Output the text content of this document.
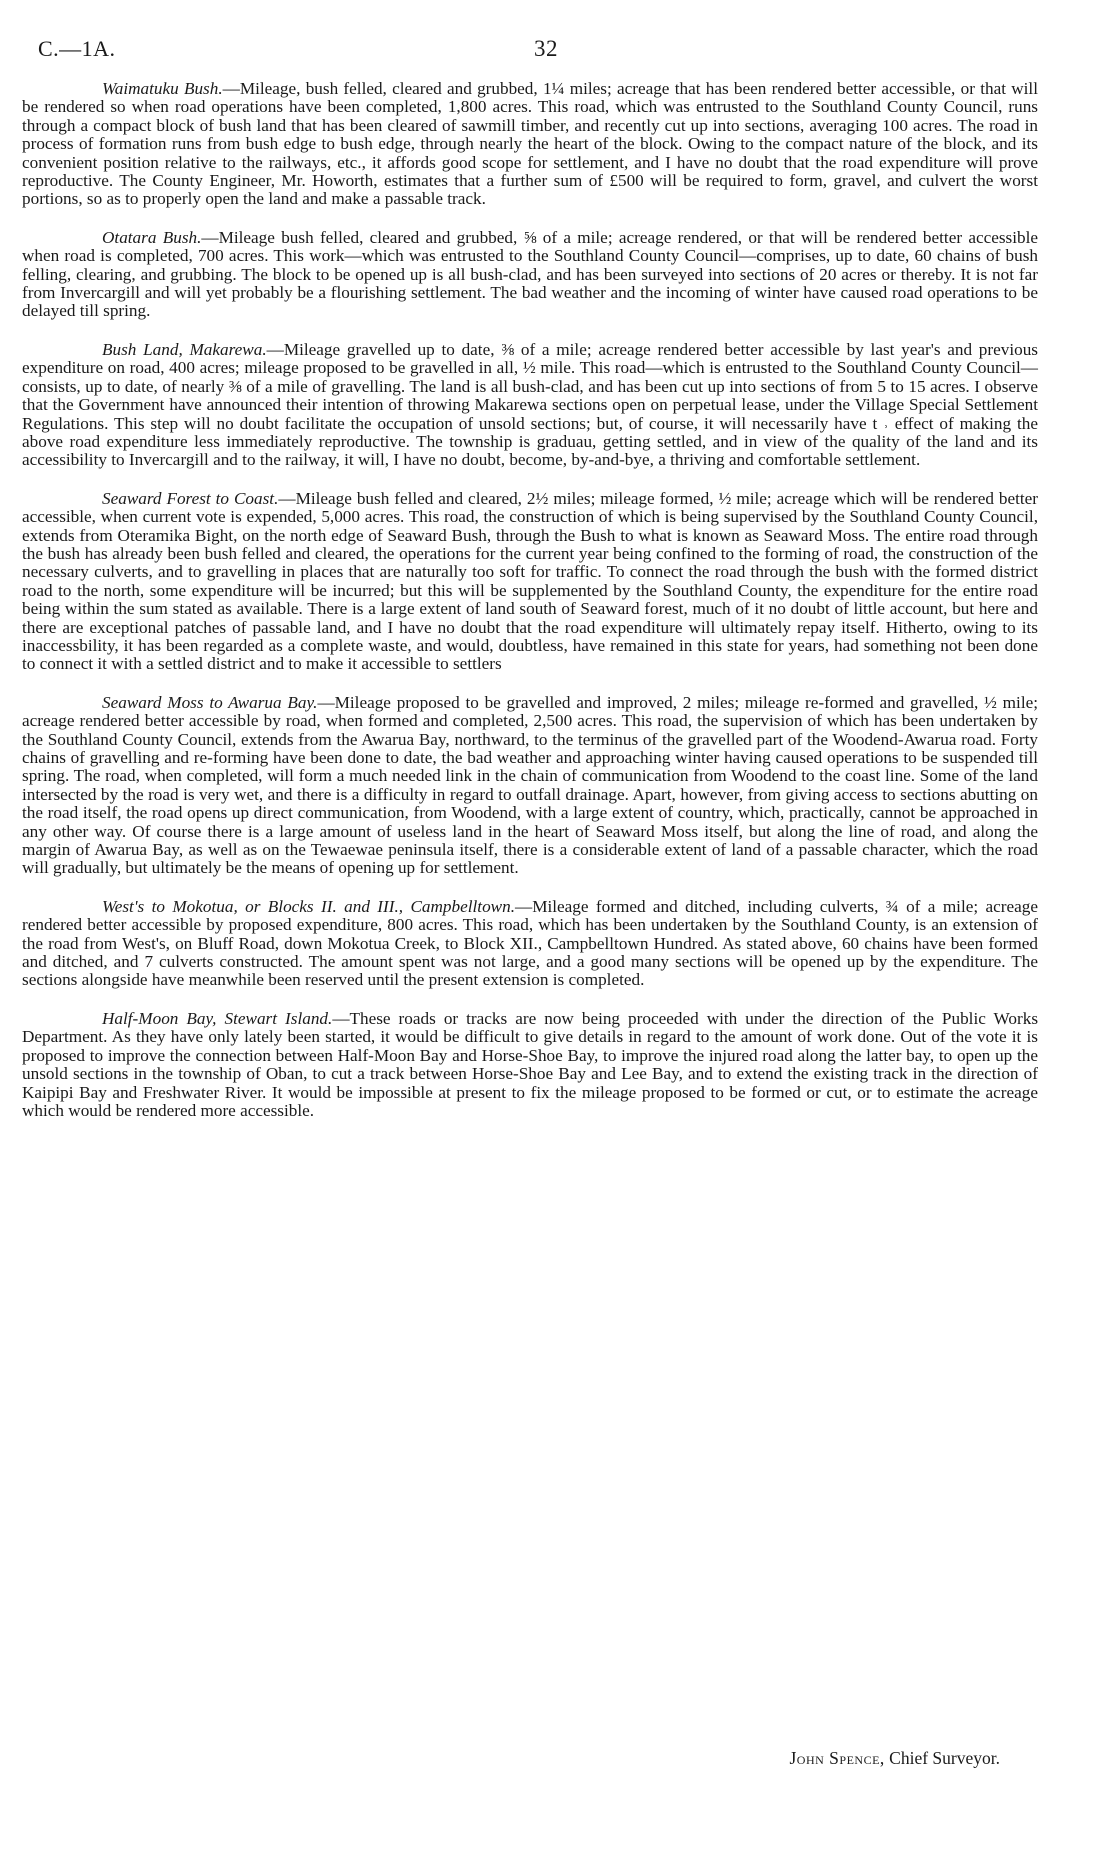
C.—1A.	32

Waimatuku Bush.—Mileage, bush felled, cleared and grubbed, 1¼ miles; acreage that has been rendered better accessible, or that will be rendered so when road operations have been completed, 1,800 acres. This road, which was entrusted to the Southland County Council, runs through a compact block of bush land that has been cleared of sawmill timber, and recently cut up into sections, averaging 100 acres. The road in process of formation runs from bush edge to bush edge, through nearly the heart of the block. Owing to the compact nature of the block, and its convenient position relative to the railways, etc., it affords good scope for settlement, and I have no doubt that the road expenditure will prove reproductive. The County Engineer, Mr. Howorth, estimates that a further sum of £500 will be required to form, gravel, and culvert the worst portions, so as to properly open the land and make a passable track.

Otatara Bush.—Mileage bush felled, cleared and grubbed, ⅝ of a mile; acreage rendered, or that will be rendered better accessible when road is completed, 700 acres. This work—which was entrusted to the Southland County Council—comprises, up to date, 60 chains of bush felling, clearing, and grubbing. The block to be opened up is all bush-clad, and has been surveyed into sections of 20 acres or thereby. It is not far from Invercargill and will yet probably be a flourishing settlement. The bad weather and the incoming of winter have caused road operations to be delayed till spring.

Bush Land, Makarewa.—Mileage gravelled up to date, ⅜ of a mile; acreage rendered better accessible by last year's and previous expenditure on road, 400 acres; mileage proposed to be gravelled in all, ½ mile. This road—which is entrusted to the Southland County Council—consists, up to date, of nearly ⅜ of a mile of gravelling. The land is all bush-clad, and has been cut up into sections of from 5 to 15 acres. I observe that the Government have announced their intention of throwing Makarewa sections open on perpetual lease, under the Village Special Settlement Regulations. This step will no doubt facilitate the occupation of unsold sections; but, of course, it will necessarily have t ˒ effect of making the above road expenditure less immediately reproductive. The township is graduau, getting settled, and in view of the quality of the land and its accessibility to Invercargill and to the railway, it will, I have no doubt, become, by-and-bye, a thriving and comfortable settlement.

Seaward Forest to Coast.—Mileage bush felled and cleared, 2½ miles; mileage formed, ½ mile; acreage which will be rendered better accessible, when current vote is expended, 5,000 acres. This road, the construction of which is being supervised by the Southland County Council, extends from Oteramika Bight, on the north edge of Seaward Bush, through the Bush to what is known as Seaward Moss. The entire road through the bush has already been bush felled and cleared, the operations for the current year being confined to the forming of road, the construction of the necessary culverts, and to gravelling in places that are naturally too soft for traffic. To connect the road through the bush with the formed district road to the north, some expenditure will be incurred; but this will be supplemented by the Southland County, the expenditure for the entire road being within the sum stated as available. There is a large extent of land south of Seaward forest, much of it no doubt of little account, but here and there are exceptional patches of passable land, and I have no doubt that the road expenditure will ultimately repay itself. Hitherto, owing to its inaccessbility, it has been regarded as a complete waste, and would, doubtless, have remained in this state for years, had something not been done to connect it with a settled district and to make it accessible to settlers

Seaward Moss to Awarua Bay.—Mileage proposed to be gravelled and improved, 2 miles; mileage re-formed and gravelled, ½ mile; acreage rendered better accessible by road, when formed and completed, 2,500 acres. This road, the supervision of which has been undertaken by the Southland County Council, extends from the Awarua Bay, northward, to the terminus of the gravelled part of the Woodend-Awarua road. Forty chains of gravelling and re-forming have been done to date, the bad weather and approaching winter having caused operations to be suspended till spring. The road, when completed, will form a much needed link in the chain of communication from Woodend to the coast line. Some of the land intersected by the road is very wet, and there is a difficulty in regard to outfall drainage. Apart, however, from giving access to sections abutting on the road itself, the road opens up direct communication, from Woodend, with a large extent of country, which, practically, cannot be approached in any other way. Of course there is a large amount of useless land in the heart of Seaward Moss itself, but along the line of road, and along the margin of Awarua Bay, as well as on the Tewaewae peninsula itself, there is a considerable extent of land of a passable character, which the road will gradually, but ultimately be the means of opening up for settlement.

West's to Mokotua, or Blocks II. and III., Campbelltown.—Mileage formed and ditched, including culverts, ¾ of a mile; acreage rendered better accessible by proposed expenditure, 800 acres. This road, which has been undertaken by the Southland County, is an extension of the road from West's, on Bluff Road, down Mokotua Creek, to Block XII., Campbelltown Hundred. As stated above, 60 chains have been formed and ditched, and 7 culverts constructed. The amount spent was not large, and a good many sections will be opened up by the expenditure. The sections alongside have meanwhile been reserved until the present extension is completed.

Half-Moon Bay, Stewart Island.—These roads or tracks are now being proceeded with under the direction of the Public Works Department. As they have only lately been started, it would be difficult to give details in regard to the amount of work done. Out of the vote it is proposed to improve the connection between Half-Moon Bay and Horse-Shoe Bay, to improve the injured road along the latter bay, to open up the unsold sections in the township of Oban, to cut a track between Horse-Shoe Bay and Lee Bay, and to extend the existing track in the direction of Kaipipi Bay and Freshwater River. It would be impossible at present to fix the mileage proposed to be formed or cut, or to estimate the acreage which would be rendered more accessible.

John Spence, Chief Surveyor.
